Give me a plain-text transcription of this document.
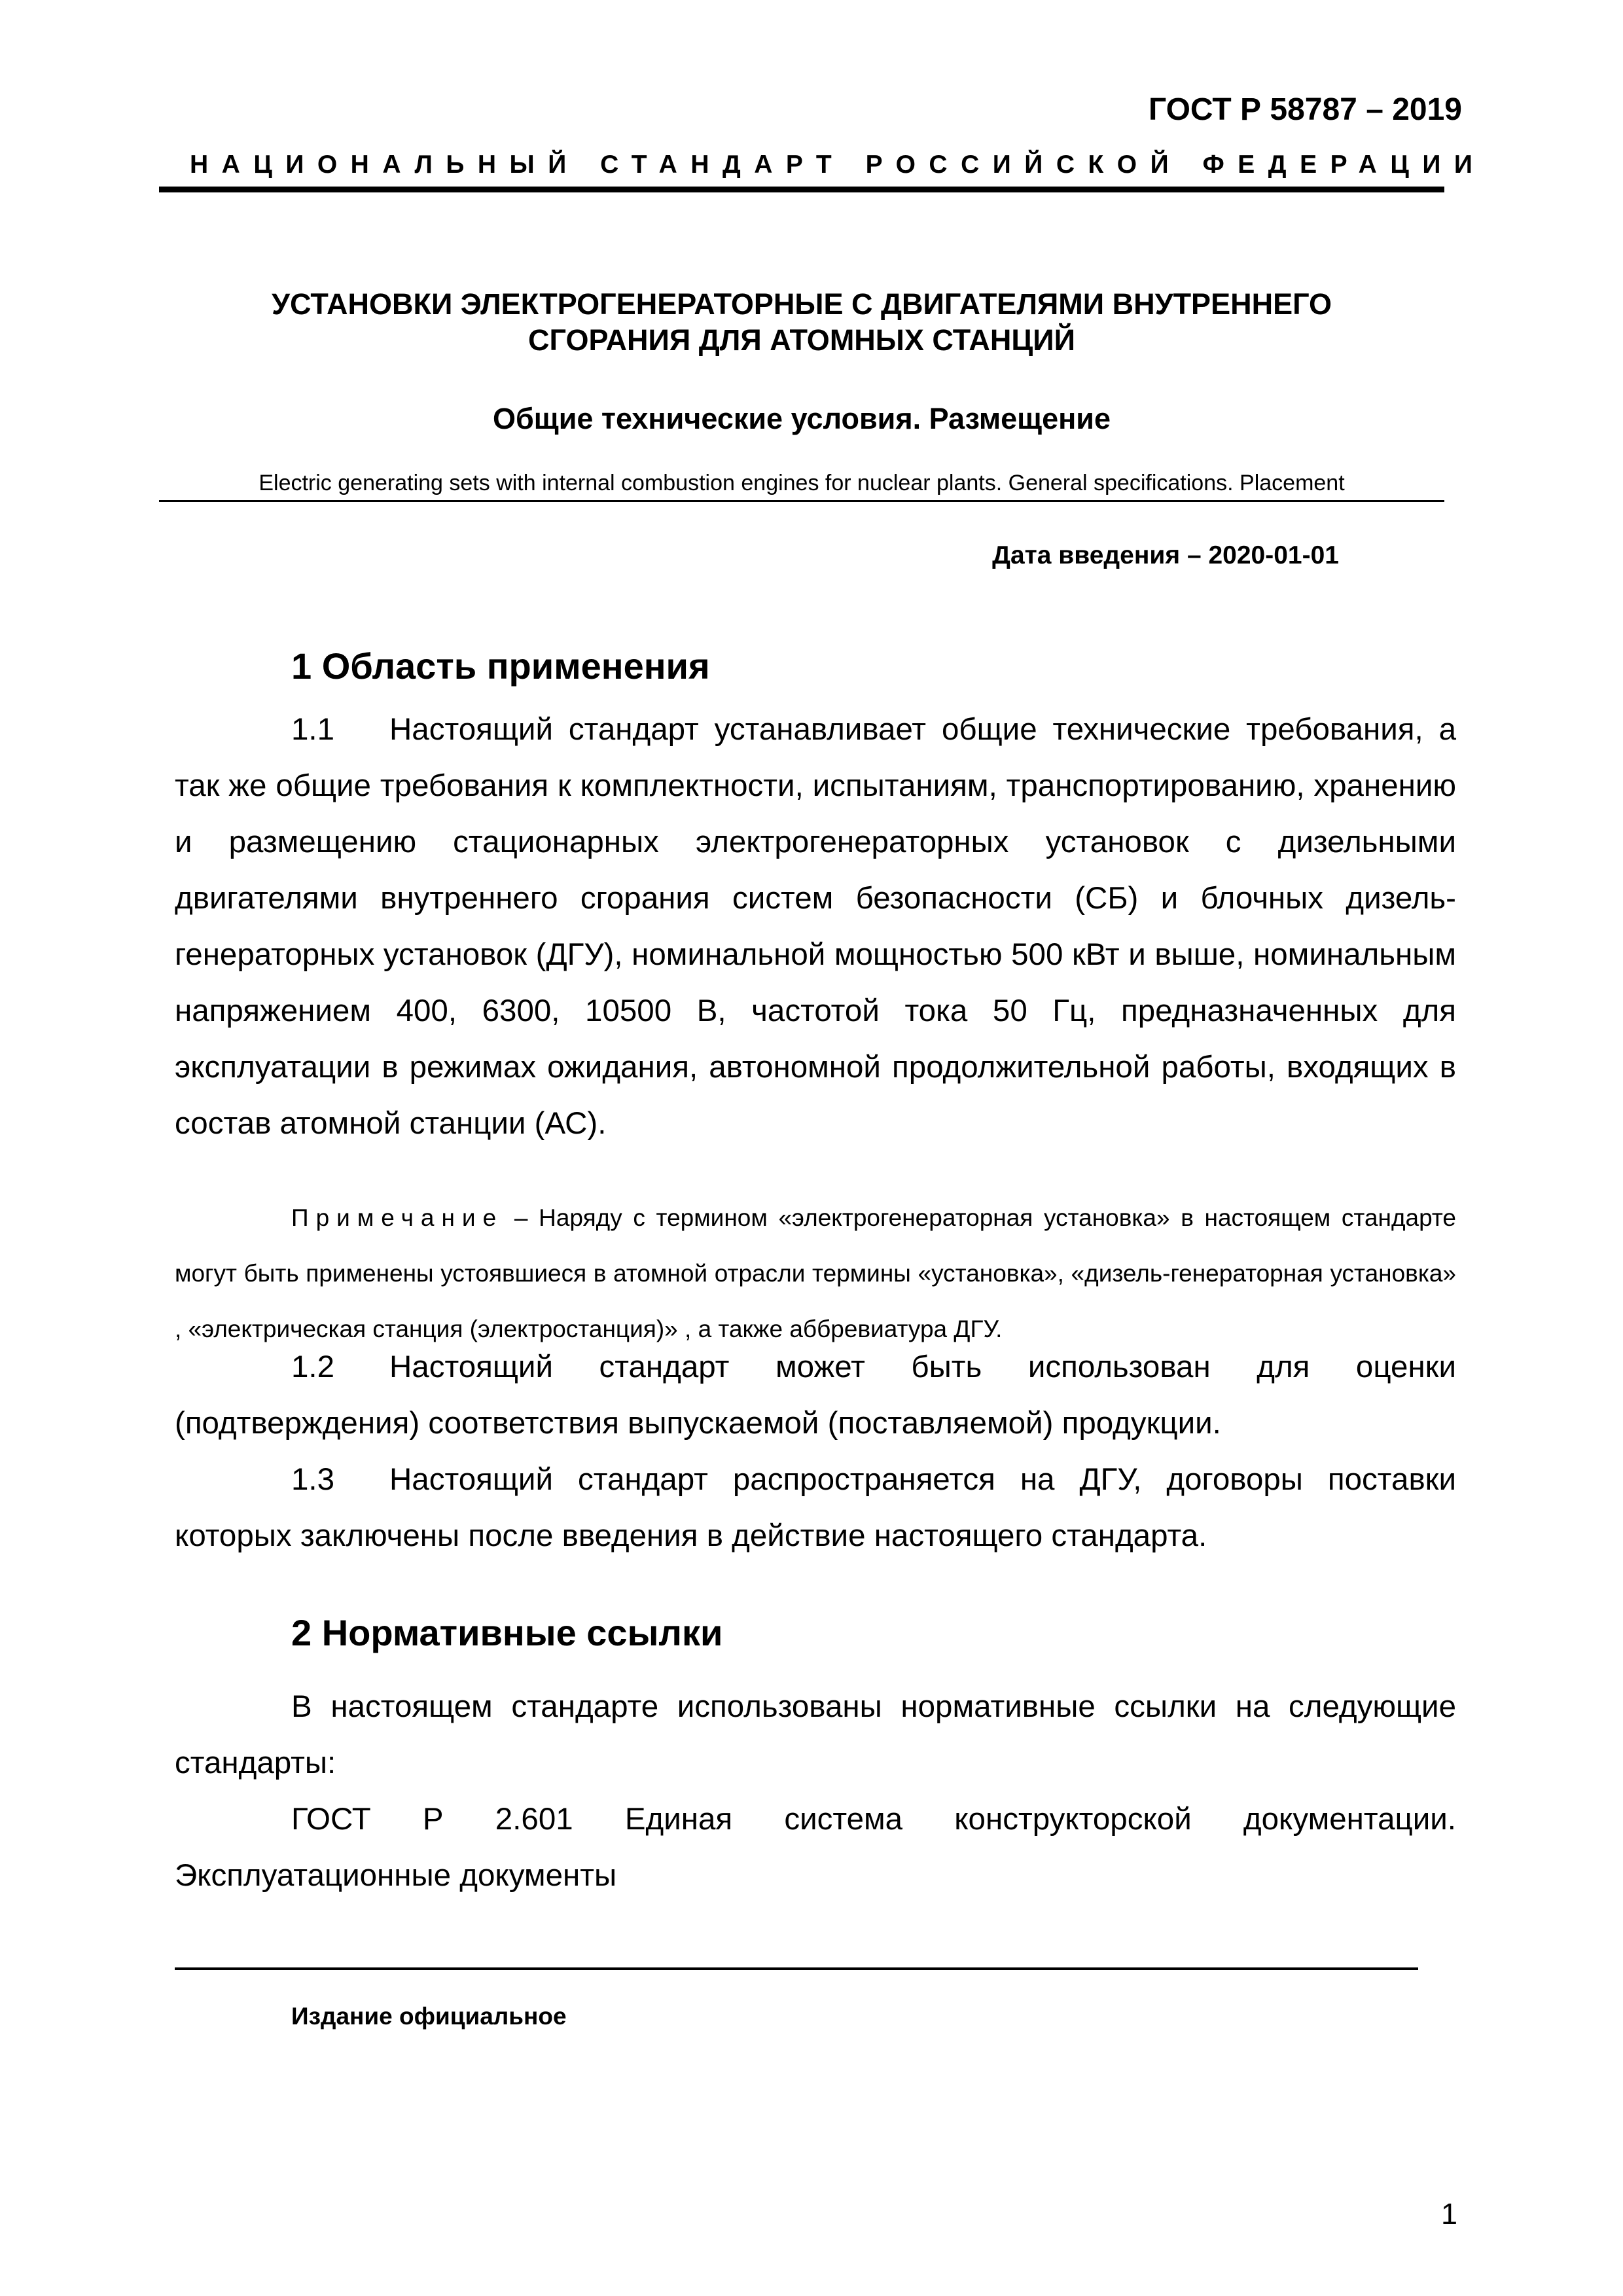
ГОСТ Р 58787 – 2019
НАЦИОНАЛЬНЫЙ СТАНДАРТ РОССИЙСКОЙ ФЕДЕРАЦИИ
УСТАНОВКИ ЭЛЕКТРОГЕНЕРАТОРНЫЕ С ДВИГАТЕЛЯМИ ВНУТРЕННЕГО
СГОРАНИЯ ДЛЯ АТОМНЫХ СТАНЦИЙ
Общие технические условия. Размещение
Electric generating sets with internal combustion engines for nuclear plants. General specifications. Placement
Дата введения – 2020-01-01
1 Область применения
1.1 Настоящий стандарт устанавливает общие технические требования, а так же общие требования к комплектности, испытаниям, транспортированию, хранению и размещению стационарных электрогенераторных установок с дизельными двигателями внутреннего сгорания систем безопасности (СБ) и блочных дизель-генераторных установок (ДГУ), номинальной мощностью 500 кВт и выше, номинальным напряжением 400, 6300, 10500 В, частотой тока 50 Гц, предназначенных для эксплуатации в режимах ожидания, автономной продолжительной работы, входящих в состав атомной станции (АС).
Примечание – Наряду с термином «электрогенераторная установка» в настоящем стандарте могут быть применены устоявшиеся в атомной отрасли термины «установка», «дизель-генераторная установка» , «электрическая станция (электростанция)» , а также аббревиатура ДГУ.
1.2 Настоящий стандарт может быть использован для оценки (подтверждения) соответствия выпускаемой (поставляемой) продукции.
1.3 Настоящий стандарт распространяется на ДГУ, договоры поставки которых заключены после введения в действие настоящего стандарта.
2 Нормативные ссылки
В настоящем стандарте использованы нормативные ссылки на следующие стандарты:
ГОСТ Р 2.601 Единая система конструкторской документации. Эксплуатационные документы
Издание официальное
1
